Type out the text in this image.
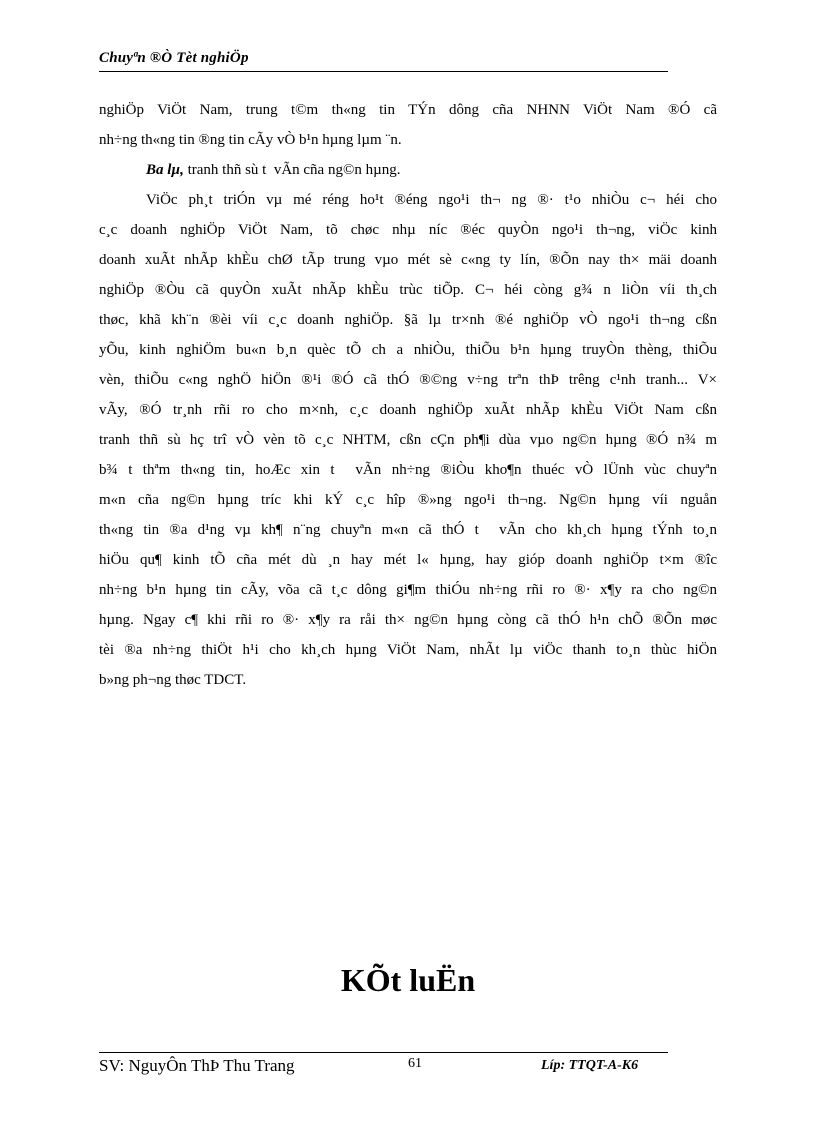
Chuyªn ®Ò Tèt nghiÖp
nghiÖp ViÖt Nam, trung t©m th«ng tin TÝn dông cña NHNN ViÖt Nam ®Ó cã
nh÷ng th«ng tin ®ng tin cÃy vÒ b¹n hµng lµm ¨n.
Ba lµ, tranh thñ sù t  vÃn cña ng©n hµng.
ViÖc ph¸t triÓn vµ mé réng ho¹t ®éng ngo¹i th¬ ng ®· t¹o nhiÒu c¬ héi cho
c¸c doanh nghiÖp ViÖt Nam, tõ chøc nhµ níc ®éc quyÒn ngo¹i th¬ng, viÖc kinh
doanh xuÃt nhÃp khÈu chØ tÃp trung vµo mét sè c«ng ty lín, ®Õn nay th× mäi doanh
nghiÖp ®Òu cã quyÒn xuÃt nhÃp khÈu trùc tiÕp. C¬ héi còng g¾ n liÒn víi th¸ch
thøc, khã kh¨n ®èi víi c¸c doanh nghiÖp. §ã lµ tr×nh ®é nghiÖp vÒ ngo¹i th¬ng cßn
yÕu, kinh nghiÖm bu«n b¸n quèc tÕ ch a nhiÒu, thiÕu b¹n hµng truyÒn thèng, thiÕu
vèn, thiÕu c«ng nghÖ hiÖn ®¹i ®Ó cã thÓ ®©ng v÷ng trªn thÞ trêng c¹nh tranh... V×
vÃy, ®Ó tr¸nh rñi ro cho m×nh, c¸c doanh nghiÖp xuÃt nhÃp khÈu ViÖt Nam cßn
tranh thñ sù hç trî vÒ vèn tõ c¸c NHTM, cßn cÇn ph¶i dùa vµo ng©n hµng ®Ó n¾ m
b¾ t thªm th«ng tin, hoÆc xin t  vÃn nh÷ng ®iÒu kho¶n thuéc vÒ lÜnh vùc chuyªn
m«n cña ng©n hµng tríc khi kÝ c¸c hîp ®»ng ngo¹i th¬ng. Ng©n hµng víi nguån
th«ng tin ®a d¹ng vµ kh¶ n¨ng chuyªn m«n cã thÓ t  vÃn cho kh¸ch hµng tÝnh to¸n
hiÖu qu¶ kinh tÕ cña mét dù ¸n hay mét l« hµng, hay gióp doanh nghiÖp t×m ®îc
nh÷ng b¹n hµng tin cÃy, võa cã t¸c dông gi¶m thiÓu nh÷ng rñi ro ®· x¶y ra cho ng©n
hµng. Ngay c¶ khi rñi ro ®· x¶y ra råi th× ng©n hµng còng cã thÓ h¹n chÕ ®Õn møc
tèi ®a nh÷ng thiÖt h¹i cho kh¸ch hµng ViÖt Nam, nhÃt lµ viÖc thanh to¸n thùc hiÖn
b»ng ph¬ng thøc TDCT.
KÕt luËn
SV: NguyÔn ThÞ Thu Trang	61	Líp: TTQT-A-K6
